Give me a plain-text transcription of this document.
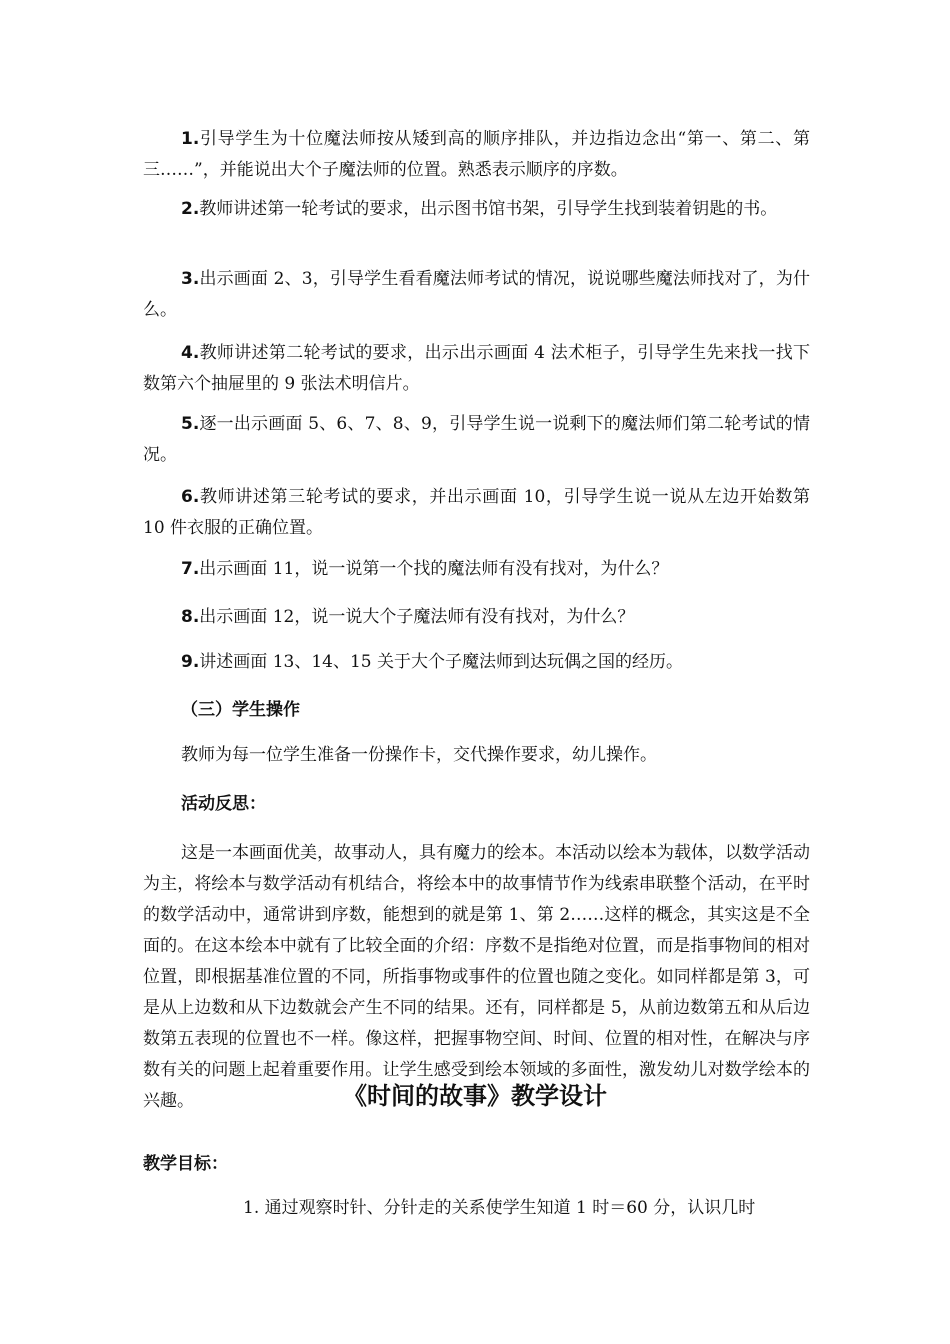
1.引导学生为十位魔法师按从矮到高的顺序排队，并边指边念出“第一、第二、第三……”，并能说出大个子魔法师的位置。熟悉表示顺序的序数。

2.教师讲述第一轮考试的要求，出示图书馆书架，引导学生找到装着钥匙的书。

3.出示画面 2、3，引导学生看看魔法师考试的情况，说说哪些魔法师找对了，为什么。

4.教师讲述第二轮考试的要求，出示出示画面 4 法术柜子，引导学生先来找一找下数第六个抽屉里的 9 张法术明信片。

5.逐一出示画面 5、6、7、8、9，引导学生说一说剩下的魔法师们第二轮考试的情况。

6.教师讲述第三轮考试的要求，并出示画面 10，引导学生说一说从左边开始数第 10 件衣服的正确位置。

7.出示画面 11，说一说第一个找的魔法师有没有找对，为什么？

8.出示画面 12，说一说大个子魔法师有没有找对，为什么？

9.讲述画面 13、14、15 关于大个子魔法师到达玩偶之国的经历。

（三）学生操作

教师为每一位学生准备一份操作卡，交代操作要求，幼儿操作。

活动反思：

这是一本画面优美，故事动人，具有魔力的绘本。本活动以绘本为载体，以数学活动为主，将绘本与数学活动有机结合，将绘本中的故事情节作为线索串联整个活动，在平时的数学活动中，通常讲到序数，能想到的就是第 1、第 2……这样的概念，其实这是不全面的。在这本绘本中就有了比较全面的介绍：序数不是指绝对位置，而是指事物间的相对位置，即根据基准位置的不同，所指事物或事件的位置也随之变化。如同样都是第 3，可是从上边数和从下边数就会产生不同的结果。还有，同样都是 5，从前边数第五和从后边数第五表现的位置也不一样。像这样，把握事物空间、时间、位置的相对性，在解决与序数有关的问题上起着重要作用。让学生感受到绘本领域的多面性，激发幼儿对数学绘本的兴趣。	《时间的故事》教学设计

教学目标：

1. 通过观察时针、分针走的关系使学生知道 1 时＝60 分，认识几时
